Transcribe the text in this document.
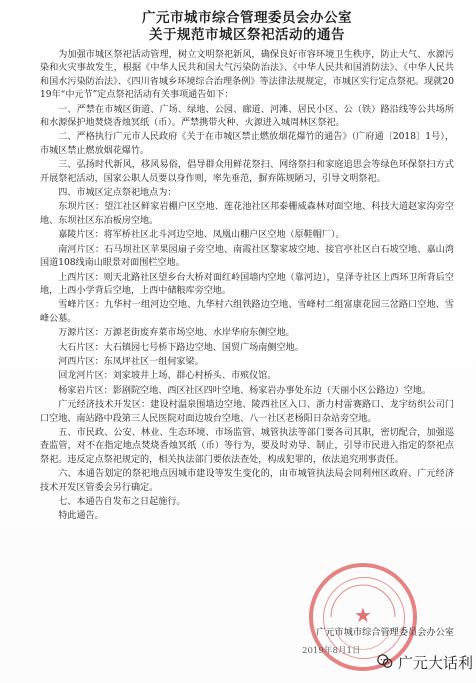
广元市城市综合管理委员会办公室
关于规范市城区祭祀活动的通告

为加强市城区祭祀活动管理，树立文明祭祀新风，确保良好市容环境卫生秩序，防止大气、水源污染和火灾事故发生，根据《中华人民共和国大气污染防治法》、《中华人民共和国消防法》、《中华人民共和国水污染防治法》、《四川省城乡环境综合治理条例》等法律法规规定，市城区实行定点祭祀。现就2019年“中元节”定点祭祀活动有关事项通告如下：

一、严禁在市城区街道、广场、绿地、公园、廊道、河滩、居民小区、公（铁）路沿线等公共场所和水源保护地焚烧香烛冥纸（币）。严禁携带火种、火源进入城周林区祭祀。

二、严格执行广元市人民政府《关于在市城区禁止燃放烟花爆竹的通告》（广府通〔2018〕1号），市城区禁止燃放烟花爆竹。

三、弘扬时代新风，移风易俗，倡导群众用鲜花祭扫、网络祭扫和家庭追思会等绿色环保祭扫方式开展祭祀活动，国家公职人员要以身作则，率先垂范，摒弃陈规陋习，引导文明祭祀。

四、市城区定点祭祀地点为：

东坝片区：望江社区鲜家岩棚户区空地、莲花池社区邦泰栅威森林对面空地、科技大道赵家沟旁空地、东坝社区东冶板房空地。

嘉陵片区：将军桥社区北斗河边空地、凤凰山棚户区空地（原鞋帽厂）。

南河片区：石马坝社区苹果园扇子旁空地、南霞社区黎家坡空地、接官亭社区白石坡空地、嘉山湾国道108线南山眼景对面围栏空地。

上西片区：则天北路社区望乡台大桥对面红岭国墙内空地（靠河边），皇泽寺社区上西环卫所背后空地，上西小学背后空地，上西中储粮库旁空地。

雪峰片区：九华村一组河边空地、九华村六组铁路边空地、雪峰村二组富康花园三岔路口空地、雪峰公墓。

万源片区：万源老街废弃菜市场空地、水岸华府东侧空地。

大石片区：大石镇园七号桥下路边空地、国贸广场南侧空地。

河西片区：东凤坪社区一组何家梁。

回龙河片区：刘家坡井上场、群心村桥头、市殡仪馆。

杨家岩片区：影剧院空地、西区社区四叶空地、杨家岩办事处东边（天丽小区公路边）空地。

广元经济技术开发区：建设村温泉围墙边空地、陵西社区入口、浙力村雷赛路口、龙宇纺织公司门口空地、南站路中段第三人民医院对面边坡台空地、八一社区老杨阳日杂站旁空地。

五、市民政、公安、林业、生态环境、市场监管、城管执法等部门要各司其职，密切配合，加强巡查监管，对不在指定地点焚烧香烛冥纸（币）等行为，要及时劝导、制止，引导市民进入指定的祭祀点祭祀。违反定点祭祀规定的，相关执法部门要依法查处，构成犯罪的，依法追究刑事责任。

六、本通告划定的祭祀地点因城市建设等发生变化的，由市城管执法局会同利州区政府、广元经济技术开发区管委会另行确定。

七、本通告自发布之日起施行。

特此通告。

★
广元市城市综合管理委员会办公室
2019年8月1日
广元大话利
